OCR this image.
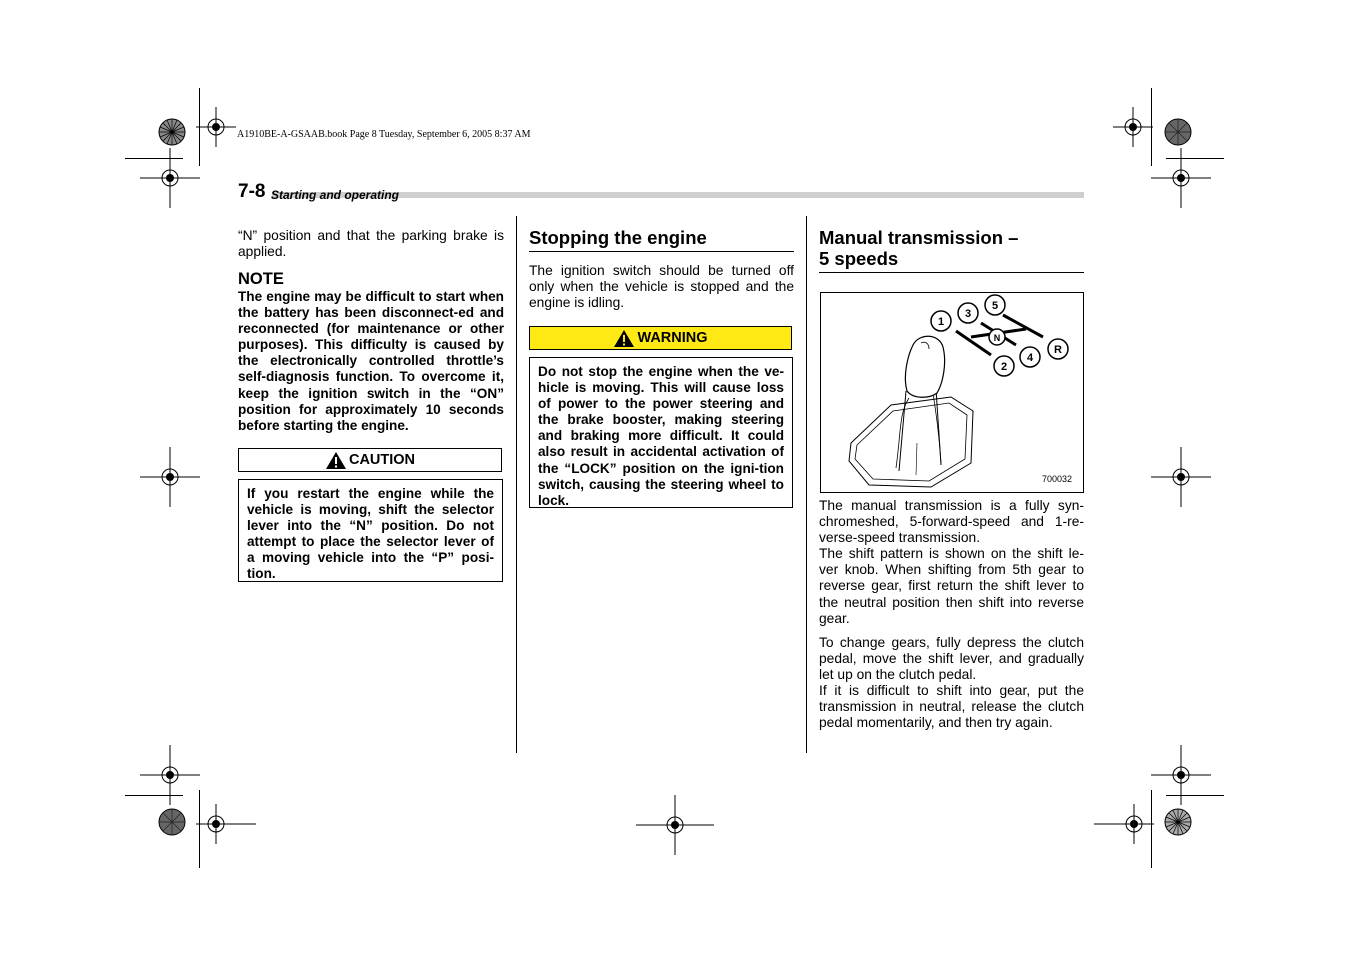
A1910BE-A-GSAAB.book Page 8 Tuesday, September 6, 2005 8:37 AM
7-8 Starting and operating
“N” position and that the parking brake is applied.
NOTE
The engine may be difficult to start when the battery has been disconnect-ed and reconnected (for maintenance or other purposes). This difficulty is caused by the electronically controlled throttle’s self-diagnosis function. To overcome it, keep the ignition switch in the “ON” position for approximately 10 seconds before starting the engine.
CAUTION
If you restart the engine while the vehicle is moving, shift the selector lever into the “N” position. Do not attempt to place the selector lever of a moving vehicle into the “P” posi-tion.
Stopping the engine
The ignition switch should be turned off only when the vehicle is stopped and the engine is idling.
WARNING
Do not stop the engine when the ve-hicle is moving. This will cause loss of power to the power steering and the brake booster, making steering and braking more difficult. It could also result in accidental activation of the “LOCK” position on the igni-tion switch, causing the steering wheel to lock.
Manual transmission –
5 speeds
1
3
5
N
2
4
R
700032
The manual transmission is a fully syn-chromeshed, 5-forward-speed and 1-re-verse-speed transmission.
The shift pattern is shown on the shift le-ver knob. When shifting from 5th gear to reverse gear, first return the shift lever to the neutral position then shift into reverse gear.
To change gears, fully depress the clutch pedal, move the shift lever, and gradually let up on the clutch pedal.
If it is difficult to shift into gear, put the transmission in neutral, release the clutch pedal momentarily, and then try again.
